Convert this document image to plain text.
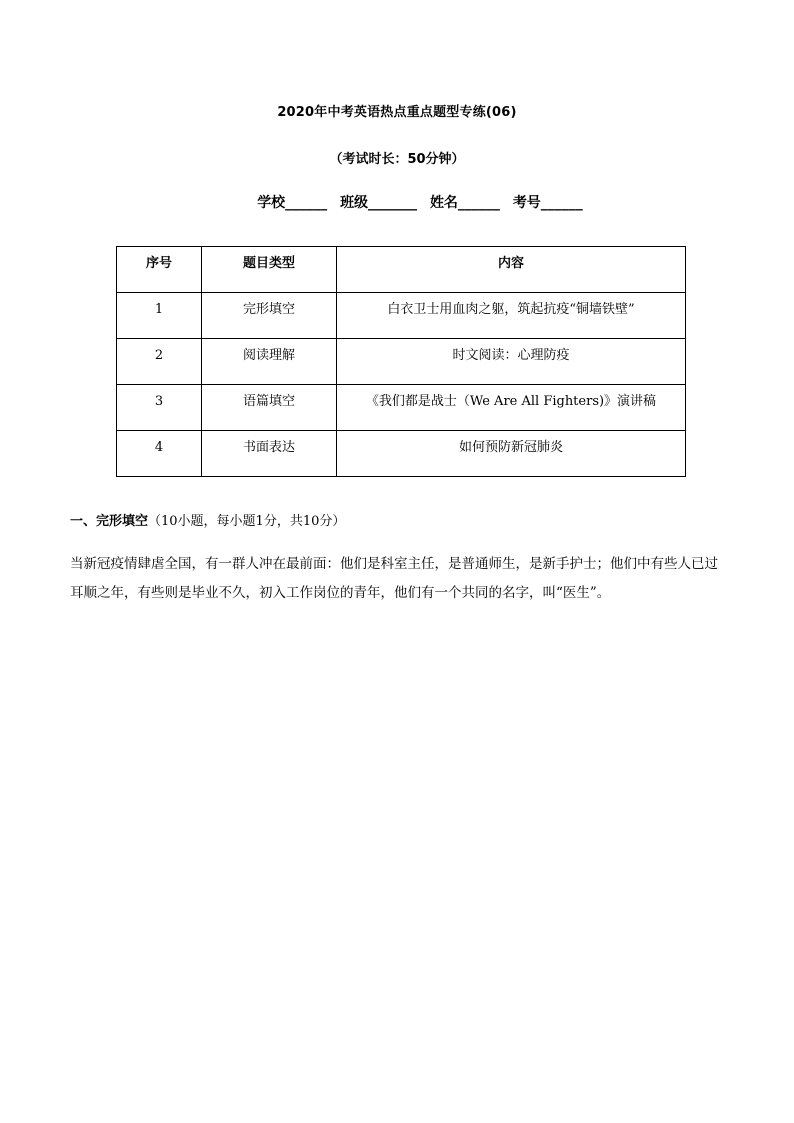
2020年中考英语热点重点题型专练(06)
（考试时长：50分钟）
学校______ 班级_______ 姓名______ 考号______
序号	题目类型	内容

1	完形填空	白衣卫士用血肉之躯，筑起抗疫“铜墙铁壁”

2	阅读理解	时文阅读：心理防疫

3	语篇填空	《我们都是战士（We Are All Fighters)》演讲稿

4	书面表达	如何预防新冠肺炎
一、完形填空（10小题，每小题1分，共10分）
当新冠疫情肆虐全国，有一群人冲在最前面：他们是科室主任，是普通师生，是新手护士；他们中有些人已过耳顺之年，有些则是毕业不久，初入工作岗位的青年，他们有一个共同的名字，叫“医生”。
